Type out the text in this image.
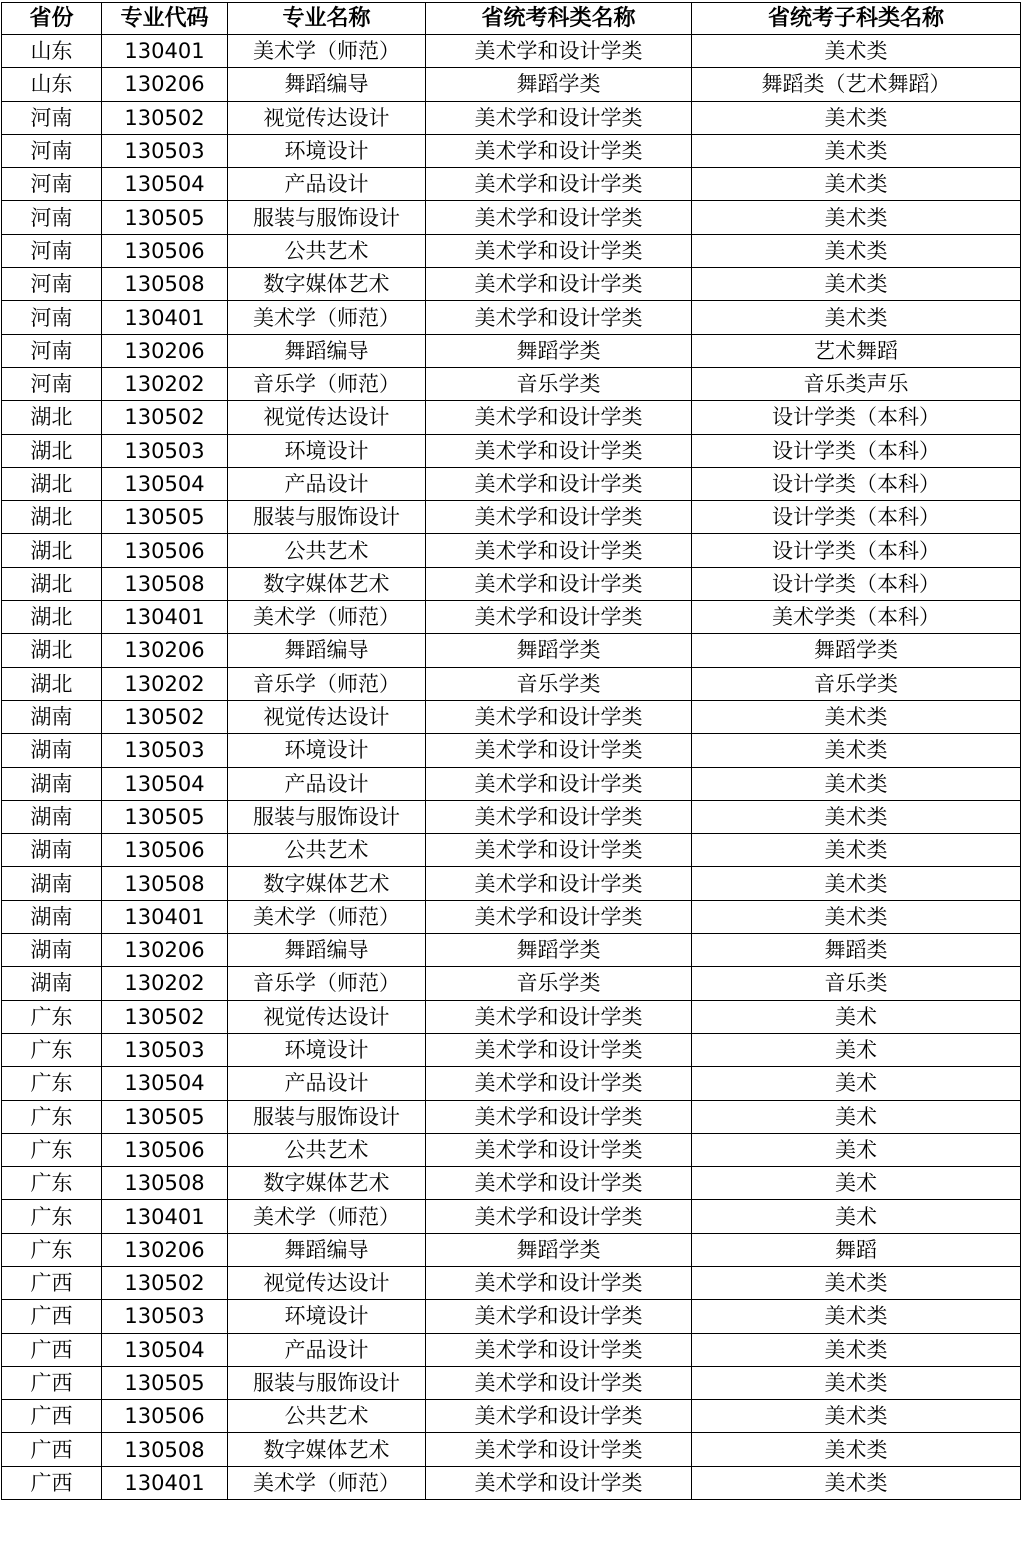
省份	专业代码	专业名称	省统考科类名称	省统考子科类名称
山东	130401	美术学（师范）	美术学和设计学类	美术类
山东	130206	舞蹈编导	舞蹈学类	舞蹈类（艺术舞蹈）
河南	130502	视觉传达设计	美术学和设计学类	美术类
河南	130503	环境设计	美术学和设计学类	美术类
河南	130504	产品设计	美术学和设计学类	美术类
河南	130505	服装与服饰设计	美术学和设计学类	美术类
河南	130506	公共艺术	美术学和设计学类	美术类
河南	130508	数字媒体艺术	美术学和设计学类	美术类
河南	130401	美术学（师范）	美术学和设计学类	美术类
河南	130206	舞蹈编导	舞蹈学类	艺术舞蹈
河南	130202	音乐学（师范）	音乐学类	音乐类声乐
湖北	130502	视觉传达设计	美术学和设计学类	设计学类（本科）
湖北	130503	环境设计	美术学和设计学类	设计学类（本科）
湖北	130504	产品设计	美术学和设计学类	设计学类（本科）
湖北	130505	服装与服饰设计	美术学和设计学类	设计学类（本科）
湖北	130506	公共艺术	美术学和设计学类	设计学类（本科）
湖北	130508	数字媒体艺术	美术学和设计学类	设计学类（本科）
湖北	130401	美术学（师范）	美术学和设计学类	美术学类（本科）
湖北	130206	舞蹈编导	舞蹈学类	舞蹈学类
湖北	130202	音乐学（师范）	音乐学类	音乐学类
湖南	130502	视觉传达设计	美术学和设计学类	美术类
湖南	130503	环境设计	美术学和设计学类	美术类
湖南	130504	产品设计	美术学和设计学类	美术类
湖南	130505	服装与服饰设计	美术学和设计学类	美术类
湖南	130506	公共艺术	美术学和设计学类	美术类
湖南	130508	数字媒体艺术	美术学和设计学类	美术类
湖南	130401	美术学（师范）	美术学和设计学类	美术类
湖南	130206	舞蹈编导	舞蹈学类	舞蹈类
湖南	130202	音乐学（师范）	音乐学类	音乐类
广东	130502	视觉传达设计	美术学和设计学类	美术
广东	130503	环境设计	美术学和设计学类	美术
广东	130504	产品设计	美术学和设计学类	美术
广东	130505	服装与服饰设计	美术学和设计学类	美术
广东	130506	公共艺术	美术学和设计学类	美术
广东	130508	数字媒体艺术	美术学和设计学类	美术
广东	130401	美术学（师范）	美术学和设计学类	美术
广东	130206	舞蹈编导	舞蹈学类	舞蹈
广西	130502	视觉传达设计	美术学和设计学类	美术类
广西	130503	环境设计	美术学和设计学类	美术类
广西	130504	产品设计	美术学和设计学类	美术类
广西	130505	服装与服饰设计	美术学和设计学类	美术类
广西	130506	公共艺术	美术学和设计学类	美术类
广西	130508	数字媒体艺术	美术学和设计学类	美术类
广西	130401	美术学（师范）	美术学和设计学类	美术类
